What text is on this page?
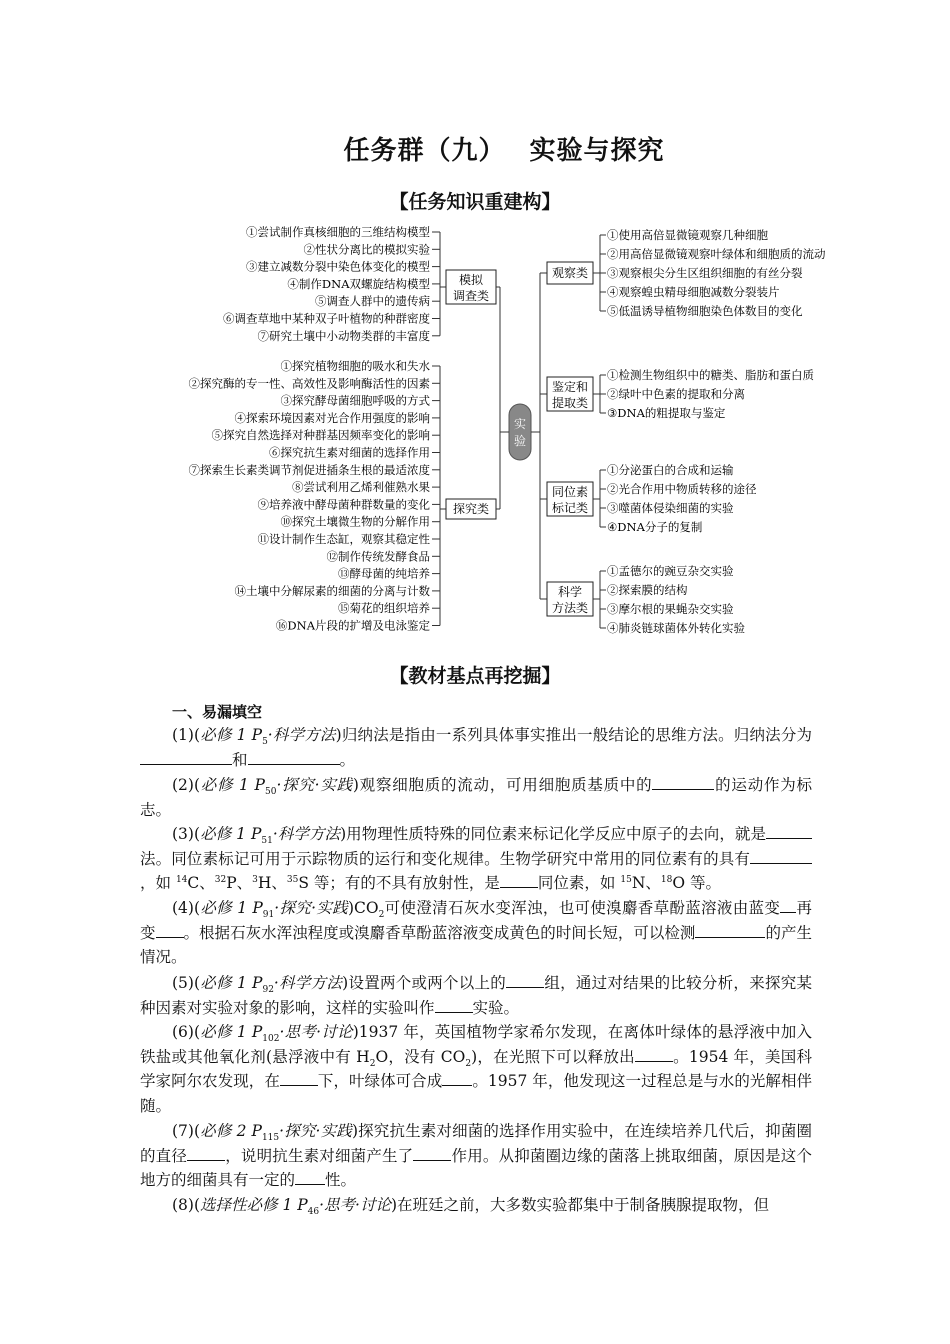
任务群（九）　 实验与探究
【任务知识重建构】
实
验
①尝试制作真核细胞的三维结构模型
②性状分离比的模拟实验
③建立减数分裂中染色体变化的模型
④制作DNA双螺旋结构模型
⑤调查人群中的遗传病
⑥调查草地中某种双子叶植物的种群密度
⑦研究土壤中小动物类群的丰富度
模拟
调查类
①探究植物细胞的吸水和失水
②探究酶的专一性、高效性及影响酶活性的因素
③探究酵母菌细胞呼吸的方式
④探索环境因素对光合作用强度的影响
⑤探究自然选择对种群基因频率变化的影响
⑥探究抗生素对细菌的选择作用
⑦探索生长素类调节剂促进插条生根的最适浓度
⑧尝试利用乙烯利催熟水果
⑨培养液中酵母菌种群数量的变化
⑩探究土壤微生物的分解作用
⑪设计制作生态缸，观察其稳定性
⑫制作传统发酵食品
⑬酵母菌的纯培养
⑭土壤中分解尿素的细菌的分离与计数
⑮菊花的组织培养
⑯DNA片段的扩增及电泳鉴定
探究类
观察类
①使用高倍显微镜观察几种细胞
②用高倍显微镜观察叶绿体和细胞质的流动
③观察根尖分生区组织细胞的有丝分裂
④观察蝗虫精母细胞减数分裂装片
⑤低温诱导植物细胞染色体数目的变化
鉴定和
提取类
①检测生物组织中的糖类、脂肪和蛋白质
②绿叶中色素的提取和分离
③DNA的粗提取与鉴定
同位素
标记类
①分泌蛋白的合成和运输
②光合作用中物质转移的途径
③噬菌体侵染细菌的实验
④DNA分子的复制
科学
方法类
①孟德尔的豌豆杂交实验
②探索膜的结构
③摩尔根的果蝇杂交实验
④肺炎链球菌体外转化实验
【教材基点再挖掘】
一、易漏填空
(1)(必修 1 $P_5\cdot$科学方法)归纳法是指由一系列具体事实推出一般结论的思维方法。归纳法分为和	。
(2)(必修 1 $P_{50}\cdot$探究·实践)观察细胞质的流动，可用细胞质基质中的	的运动作为标志。
(3)(必修 1 $P_{51}\cdot$科学方法)用物理性质特殊的同位素来标记化学反应中原子的去向，就是法。同位素标记可用于示踪物质的运行和变化规律。生物学研究中常用的同位素有的具有，如 $^{14}$C、$^{32}$P、$^3$H、$^{35}$S 等；有的不具有放射性，是 同位素，如 $^{15}$N、$^{18}$O 等。
(4)(必修 1 $P_{91}\cdot$探究·实践)$CO_2$可使澄清石灰水变浑浊，也可使溴麝香草酚蓝溶液由蓝变 再变 。根据石灰水浑浊程度或溴麝香草酚蓝溶液变成黄色的时间长短，可以检测	的产生情况。
(5)(必修 1 $P_{92}\cdot$科学方法)设置两个或两个以上的 组，通过对结果的比较分析，来探究某种因素对实验对象的影响，这样的实验叫作 实验。
(6)(必修 1 $P_{102}\cdot$思考·讨论)1937 年，英国植物学家希尔发现，在离体叶绿体的悬浮液中加入铁盐或其他氧化剂(悬浮液中有 $H_2O$，没有 $CO_2$)，在光照下可以释放出 。1954 年，美国科学家阿尔农发现，在 下，叶绿体可合成 。1957 年，他发现这一过程总是与水的光解相伴随。
(7)(必修 2 $P_{115}\cdot$探究·实践)探究抗生素对细菌的选择作用实验中，在连续培养几代后，抑菌圈的直径 ，说明抗生素对细菌产生了 作用。从抑菌圈边缘的菌落上挑取细菌，原因是这个地方的细菌具有一定的 性。
(8)(选择性必修 1 $P_{46}\cdot$思考·讨论)在班廷之前，大多数实验都集中于制备胰腺提取物，但
